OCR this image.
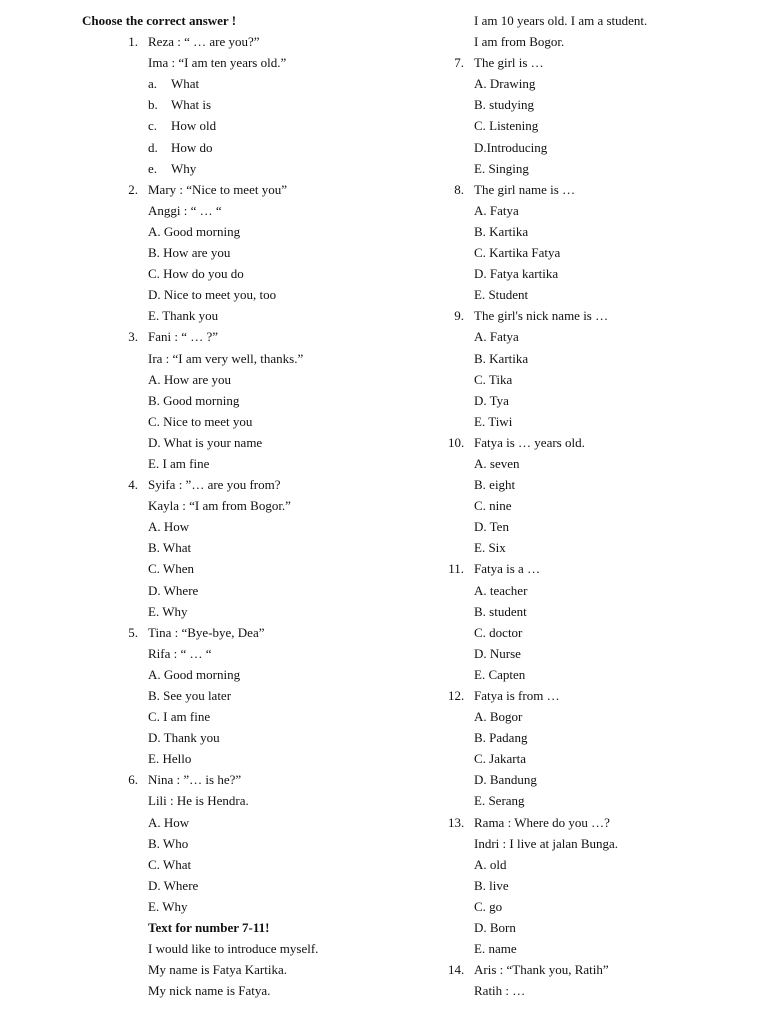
Choose the correct answer !
1. Reza : “ … are you?”
Ima : “I am ten years old.”
a. What
b. What is
c. How old
d. How do
e. Why
2. Mary : “Nice to meet you”
Anggi : “ … “
A. Good morning
B. How are you
C. How do you do
D. Nice to meet you, too
E. Thank you
3. Fani : “ … ?”
Ira : “I am very well, thanks.”
A. How are you
B. Good morning
C. Nice to meet you
D. What is your name
E. I am fine
4. Syifa : ”… are you from?
Kayla : “I am from Bogor.”
A. How
B. What
C. When
D. Where
E. Why
5. Tina : “Bye-bye, Dea”
Rifa : “ … “
A. Good morning
B. See you later
C. I am fine
D. Thank you
E. Hello
6. Nina : ”… is he?”
Lili : He is Hendra.
A. How
B. Who
C. What
D. Where
E. Why
Text for number 7-11!
I would like to introduce myself.
My name is Fatya Kartika.
My nick name is Fatya.
I am 10 years old. I am a student.
I am from Bogor.
7. The girl is …
A. Drawing
B. studying
C. Listening
D.Introducing
E. Singing
8. The girl name is …
A. Fatya
B. Kartika
C. Kartika Fatya
D. Fatya kartika
E. Student
9. The girl's nick name is …
A. Fatya
B. Kartika
C. Tika
D. Tya
E. Tiwi
10. Fatya is … years old.
A. seven
B. eight
C. nine
D. Ten
E. Six
11. Fatya is a …
A. teacher
B. student
C. doctor
D. Nurse
E. Capten
12. Fatya is from …
A. Bogor
B. Padang
C. Jakarta
D. Bandung
E. Serang
13. Rama : Where do you …?
Indri : I live at jalan Bunga.
A. old
B. live
C. go
D. Born
E. name
14. Aris : “Thank you, Ratih”
Ratih : …
